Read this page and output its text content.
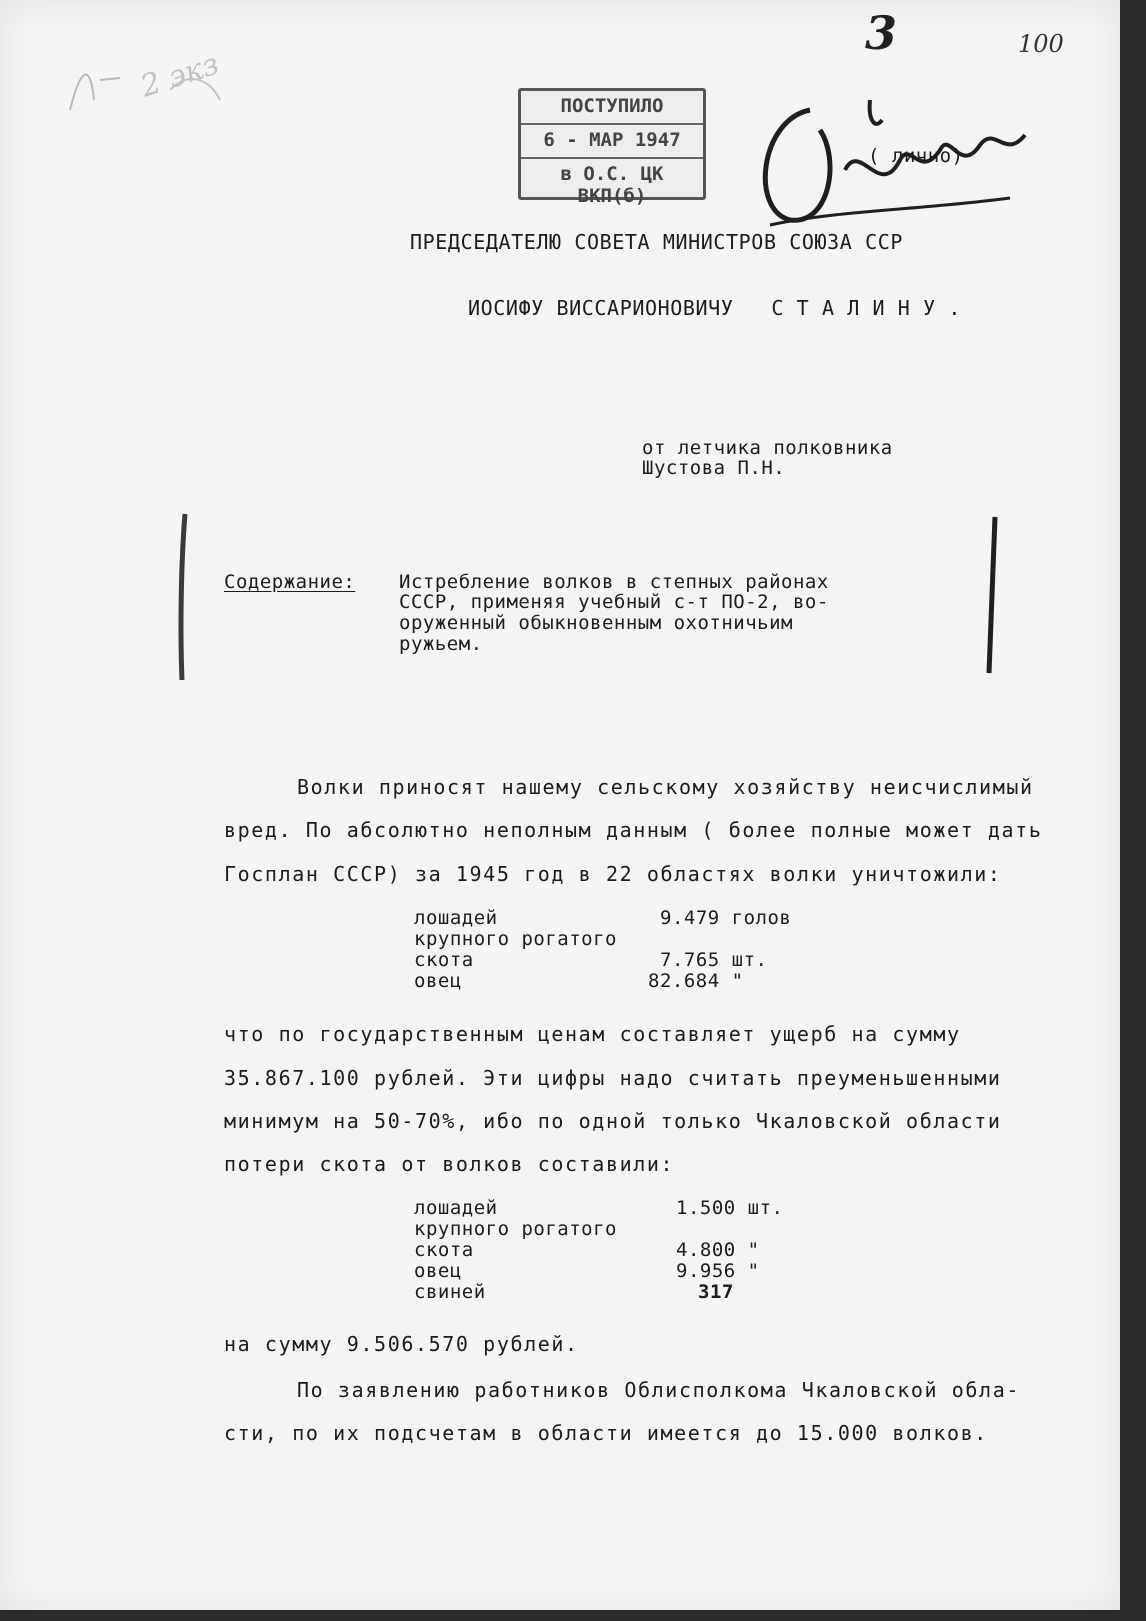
2 экз
3	100
( лично)
ПОСТУПИЛО
6 - МАР 1947
в О.С. ЦК ВКП(б)
ПРЕДСЕДАТЕЛЮ СОВЕТА МИНИСТРОВ СОЮЗА ССР
ИОСИФУ ВИССАРИОНОВИЧУ   С Т А Л И Н У .
от летчика полковника
Шустова П.Н.
Содержание: Истребление волков в степных районах
СССР, применяя учебный с-т ПО-2, во-
оруженный обыкновенным охотничьим
ружьем.
Волки приносят нашему сельскому хозяйству неисчислимый
вред. По абсолютно неполным данным ( более полные может дать
Госплан СССР) за 1945 год в 22 областях волки уничтожили:
лошадей	9.479 голов
крупного рогатого
скота	7.765 шт.
овец	82.684 "
что по государственным ценам составляет ущерб на сумму
35.867.100 рублей. Эти цифры надо считать преуменьшенными
минимум на 50-70%, ибо по одной только Чкаловской области
потери скота от волков составили:
лошадей	1.500 шт.
крупного рогатого
скота	4.800 "
овец	9.956 "
свиней	317
на сумму 9.506.570 рублей.
По заявлению работников Облисполкома Чкаловской обла-
сти, по их подсчетам в области имеется до 15.000 волков.
